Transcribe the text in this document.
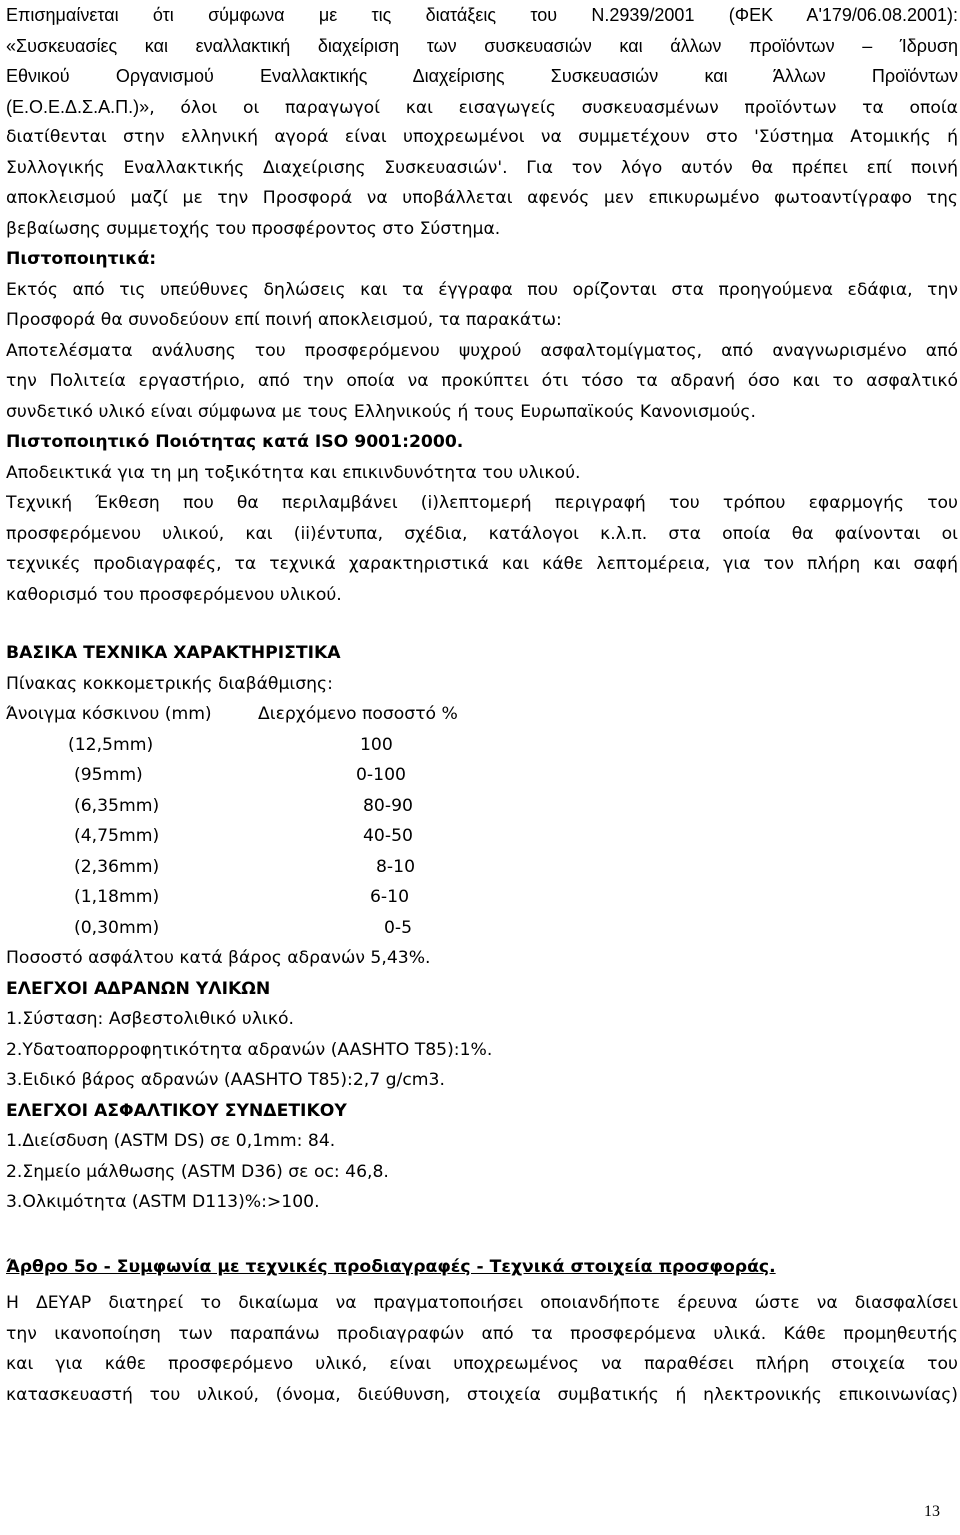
Επισημαίνεται ότι σύμφωνα με τις διατάξεις του Ν.2939/2001 (ΦΕΚ Α'179/06.08.2001):
«Συσκευασίες και εναλλακτική διαχείριση των συσκευασιών και άλλων προϊόντων – Ίδρυση
Εθνικού Οργανισμού Εναλλακτικής Διαχείρισης Συσκευασιών και Άλλων Προϊόντων
(Ε.Ο.Ε.Δ.Σ.Α.Π.)», όλοι οι παραγωγοί και εισαγωγείς συσκευασμένων προϊόντων τα οποία
διατίθενται στην ελληνική αγορά είναι υποχρεωμένοι να συμμετέχουν στο 'Σύστημα Ατομικής ή
Συλλογικής Εναλλακτικής Διαχείρισης Συσκευασιών'. Για τον λόγο αυτόν θα πρέπει επί ποινή
αποκλεισμού μαζί με την Προσφορά να υποβάλλεται αφενός μεν επικυρωμένο φωτοαντίγραφο της
βεβαίωσης συμμετοχής του προσφέροντος στο Σύστημα.
Πιστοποιητικά:
Εκτός από τις υπεύθυνες δηλώσεις και τα έγγραφα που ορίζονται στα προηγούμενα εδάφια, την
Προσφορά θα συνοδεύουν επί ποινή αποκλεισμού, τα παρακάτω:
Αποτελέσματα ανάλυσης του προσφερόμενου ψυχρού ασφαλτομίγματος, από αναγνωρισμένο από
την Πολιτεία εργαστήριο, από την οποία να προκύπτει ότι τόσο τα αδρανή όσο και το ασφαλτικό
συνδετικό υλικό είναι σύμφωνα με τους Ελληνικούς ή τους Ευρωπαϊκούς Κανονισμούς.
Πιστοποιητικό Ποιότητας κατά ISO 9001:2000.
Αποδεικτικά για τη μη τοξικότητα και επικινδυνότητα του υλικού.
Τεχνική Έκθεση που θα περιλαμβάνει (i)λεπτομερή περιγραφή του τρόπου εφαρμογής του
προσφερόμενου υλικού, και (ii)έντυπα, σχέδια, κατάλογοι κ.λ.π. στα οποία θα φαίνονται οι
τεχνικές προδιαγραφές, τα τεχνικά χαρακτηριστικά και κάθε λεπτομέρεια, για τον πλήρη και σαφή
καθορισμό του προσφερόμενου υλικού.
ΒΑΣΙΚΑ ΤΕΧΝΙΚΑ ΧΑΡΑΚΤΗΡΙΣΤΙΚΑ
Πίνακας κοκκομετρικής διαβάθμισης:
Άνοιγμα κόσκινου (mm)	Διερχόμενο ποσοστό %
(12,5mm)	100
(95mm)	0-100
(6,35mm)	80-90
(4,75mm)	40-50
(2,36mm)	8-10
(1,18mm)	6-10
(0,30mm)	0-5
Ποσοστό ασφάλτου κατά βάρος αδρανών 5,43%.
ΕΛΕΓΧΟΙ ΑΔΡΑΝΩΝ ΥΛΙΚΩΝ
1.Σύσταση: Ασβεστολιθικό υλικό.
2.Υδατοαπορροφητικότητα αδρανών (AASHTO T85):1%.
3.Ειδικό βάρος αδρανών (AASHTO T85):2,7 g/cm3.
ΕΛΕΓΧΟΙ ΑΣΦΑΛΤΙΚΟΥ ΣΥΝΔΕΤΙΚΟΥ
1.Διείσδυση (ASTM DS) σε 0,1mm: 84.
2.Σημείο μάλθωσης (ASTM D36) σε oc: 46,8.
3.Ολκιμότητα (ASTM D113)%:>100.
Άρθρο 5ο - Συμφωνία με τεχνικές προδιαγραφές - Τεχνικά στοιχεία προσφοράς.
Η ΔΕΥΑΡ διατηρεί το δικαίωμα να πραγματοποιήσει οποιανδήποτε έρευνα ώστε να διασφαλίσει
την ικανοποίηση των παραπάνω προδιαγραφών από τα προσφερόμενα υλικά. Κάθε προμηθευτής
και για κάθε προσφερόμενο υλικό, είναι υποχρεωμένος να παραθέσει πλήρη στοιχεία του
κατασκευαστή του υλικού, (όνομα, διεύθυνση, στοιχεία συμβατικής ή ηλεκτρονικής επικοινωνίας)
13
